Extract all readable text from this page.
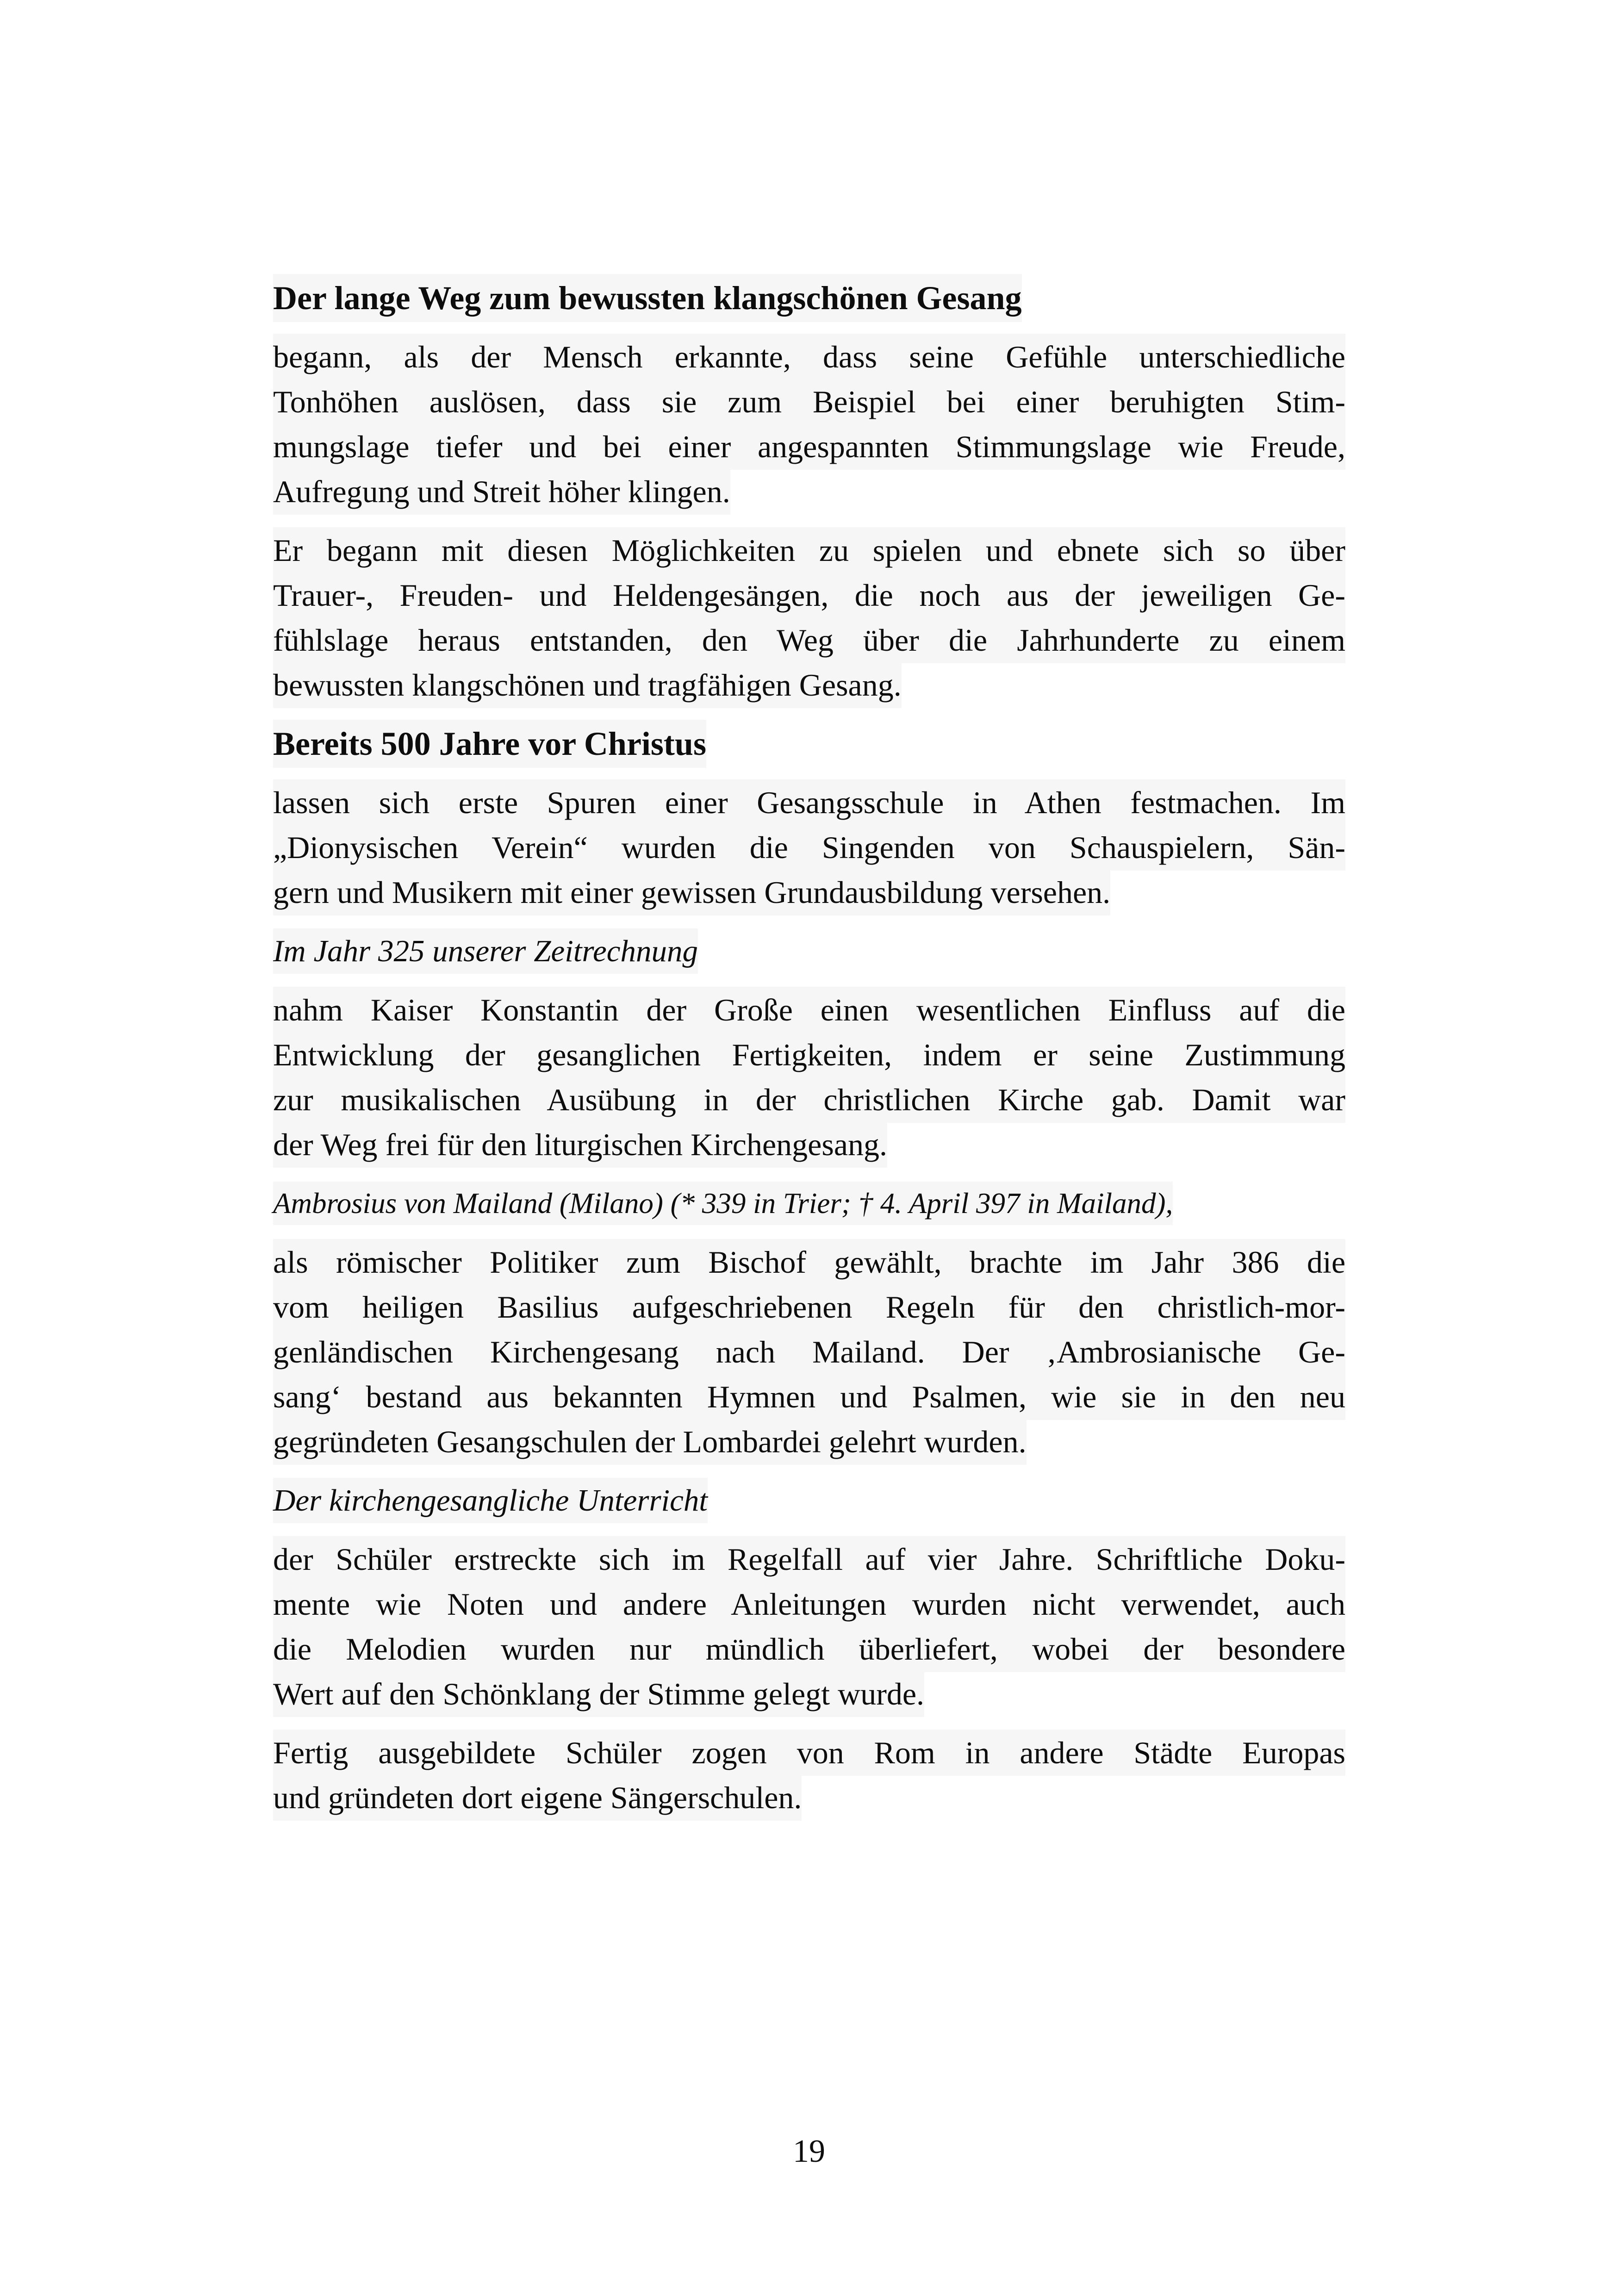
Der lange Weg zum bewussten klangschönen Gesang
begann, als der Mensch erkannte, dass seine Gefühle unterschiedliche
Tonhöhen auslösen, dass sie zum Beispiel bei einer beruhigten Stim-
mungslage tiefer und bei einer angespannten Stimmungslage wie Freude,
Aufregung und Streit höher klingen.
Er begann mit diesen Möglichkeiten zu spielen und ebnete sich so über
Trauer-, Freuden- und Heldengesängen, die noch aus der jeweiligen Ge-
fühlslage heraus entstanden, den Weg über die Jahrhunderte zu einem
bewussten klangschönen und tragfähigen Gesang.
Bereits 500 Jahre vor Christus
lassen sich erste Spuren einer Gesangsschule in Athen festmachen. Im
„Dionysischen Verein“ wurden die Singenden von Schauspielern, Sän-
gern und Musikern mit einer gewissen Grundausbildung versehen.
Im Jahr 325 unserer Zeitrechnung
nahm Kaiser Konstantin der Große einen wesentlichen Einfluss auf die
Entwicklung der gesanglichen Fertigkeiten, indem er seine Zustimmung
zur musikalischen Ausübung in der christlichen Kirche gab. Damit war
der Weg frei für den liturgischen Kirchengesang.
Ambrosius von Mailand (Milano) (* 339 in Trier; † 4. April 397 in Mailand),
als römischer Politiker zum Bischof gewählt, brachte im Jahr 386 die
vom heiligen Basilius aufgeschriebenen Regeln für den christlich-mor-
genländischen Kirchengesang nach Mailand. Der ‚Ambrosianische Ge-
sang‘ bestand aus bekannten Hymnen und Psalmen, wie sie in den neu
gegründeten Gesangschulen der Lombardei gelehrt wurden.
Der kirchengesangliche Unterricht
der Schüler erstreckte sich im Regelfall auf vier Jahre. Schriftliche Doku-
mente wie Noten und andere Anleitungen wurden nicht verwendet, auch
die Melodien wurden nur mündlich überliefert, wobei der besondere
Wert auf den Schönklang der Stimme gelegt wurde.
Fertig ausgebildete Schüler zogen von Rom in andere Städte Europas
und gründeten dort eigene Sängerschulen.
19
